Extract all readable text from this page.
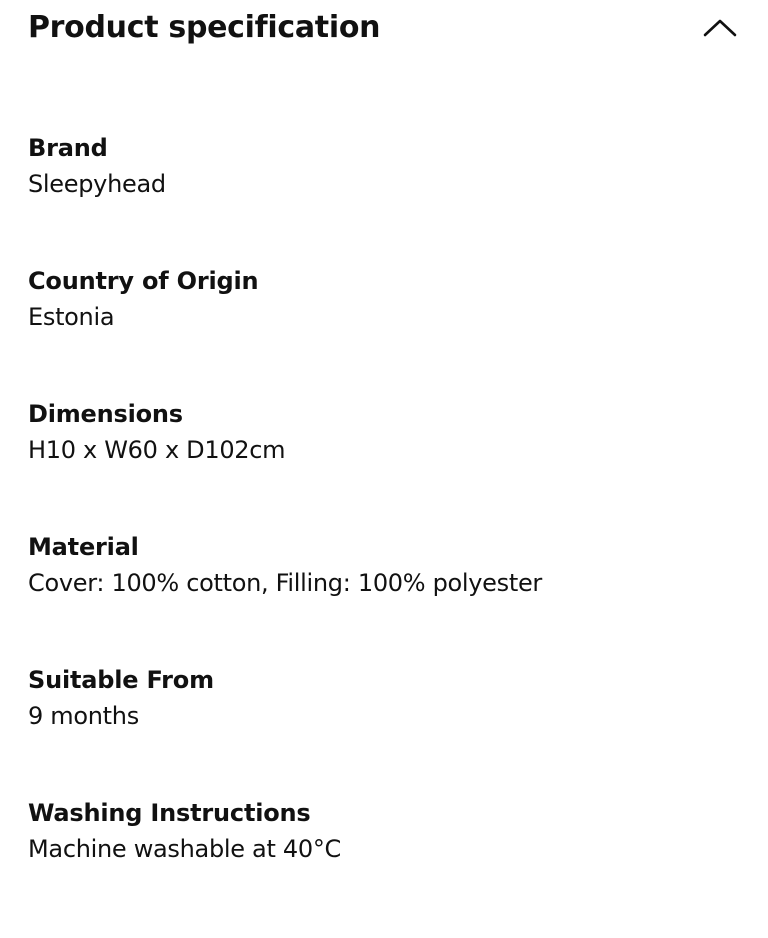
Product specification
Brand
Sleepyhead
Country of Origin
Estonia
Dimensions
H10 x W60 x D102cm
Material
Cover: 100% cotton, Filling: 100% polyester
Suitable From
9 months
Washing Instructions
Machine washable at 40°C
